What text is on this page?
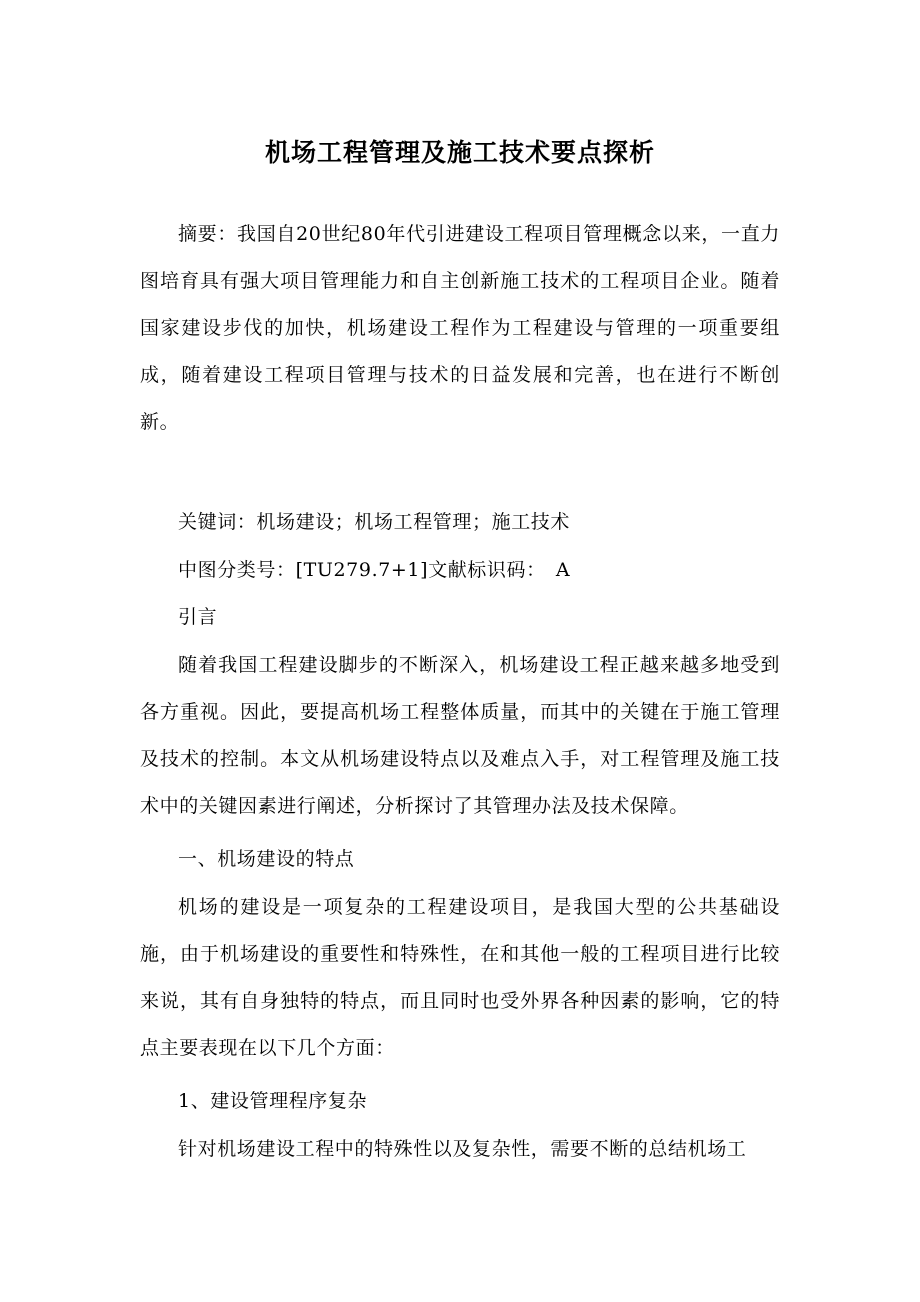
机场工程管理及施工技术要点探析

摘要：我国自20世纪80年代引进建设工程项目管理概念以来，一直力图培育具有强大项目管理能力和自主创新施工技术的工程项目企业。随着国家建设步伐的加快，机场建设工程作为工程建设与管理的一项重要组成，随着建设工程项目管理与技术的日益发展和完善，也在进行不断创新。

关键词：机场建设；机场工程管理；施工技术

中图分类号：[TU279.7+1]文献标识码：　A

引言

随着我国工程建设脚步的不断深入，机场建设工程正越来越多地受到各方重视。因此，要提高机场工程整体质量，而其中的关键在于施工管理及技术的控制。本文从机场建设特点以及难点入手，对工程管理及施工技术中的关键因素进行阐述，分析探讨了其管理办法及技术保障。

一、机场建设的特点

机场的建设是一项复杂的工程建设项目，是我国大型的公共基础设施，由于机场建设的重要性和特殊性，在和其他一般的工程项目进行比较来说，其有自身独特的特点，而且同时也受外界各种因素的影响，它的特点主要表现在以下几个方面：

1、建设管理程序复杂

针对机场建设工程中的特殊性以及复杂性，需要不断的总结机场工
